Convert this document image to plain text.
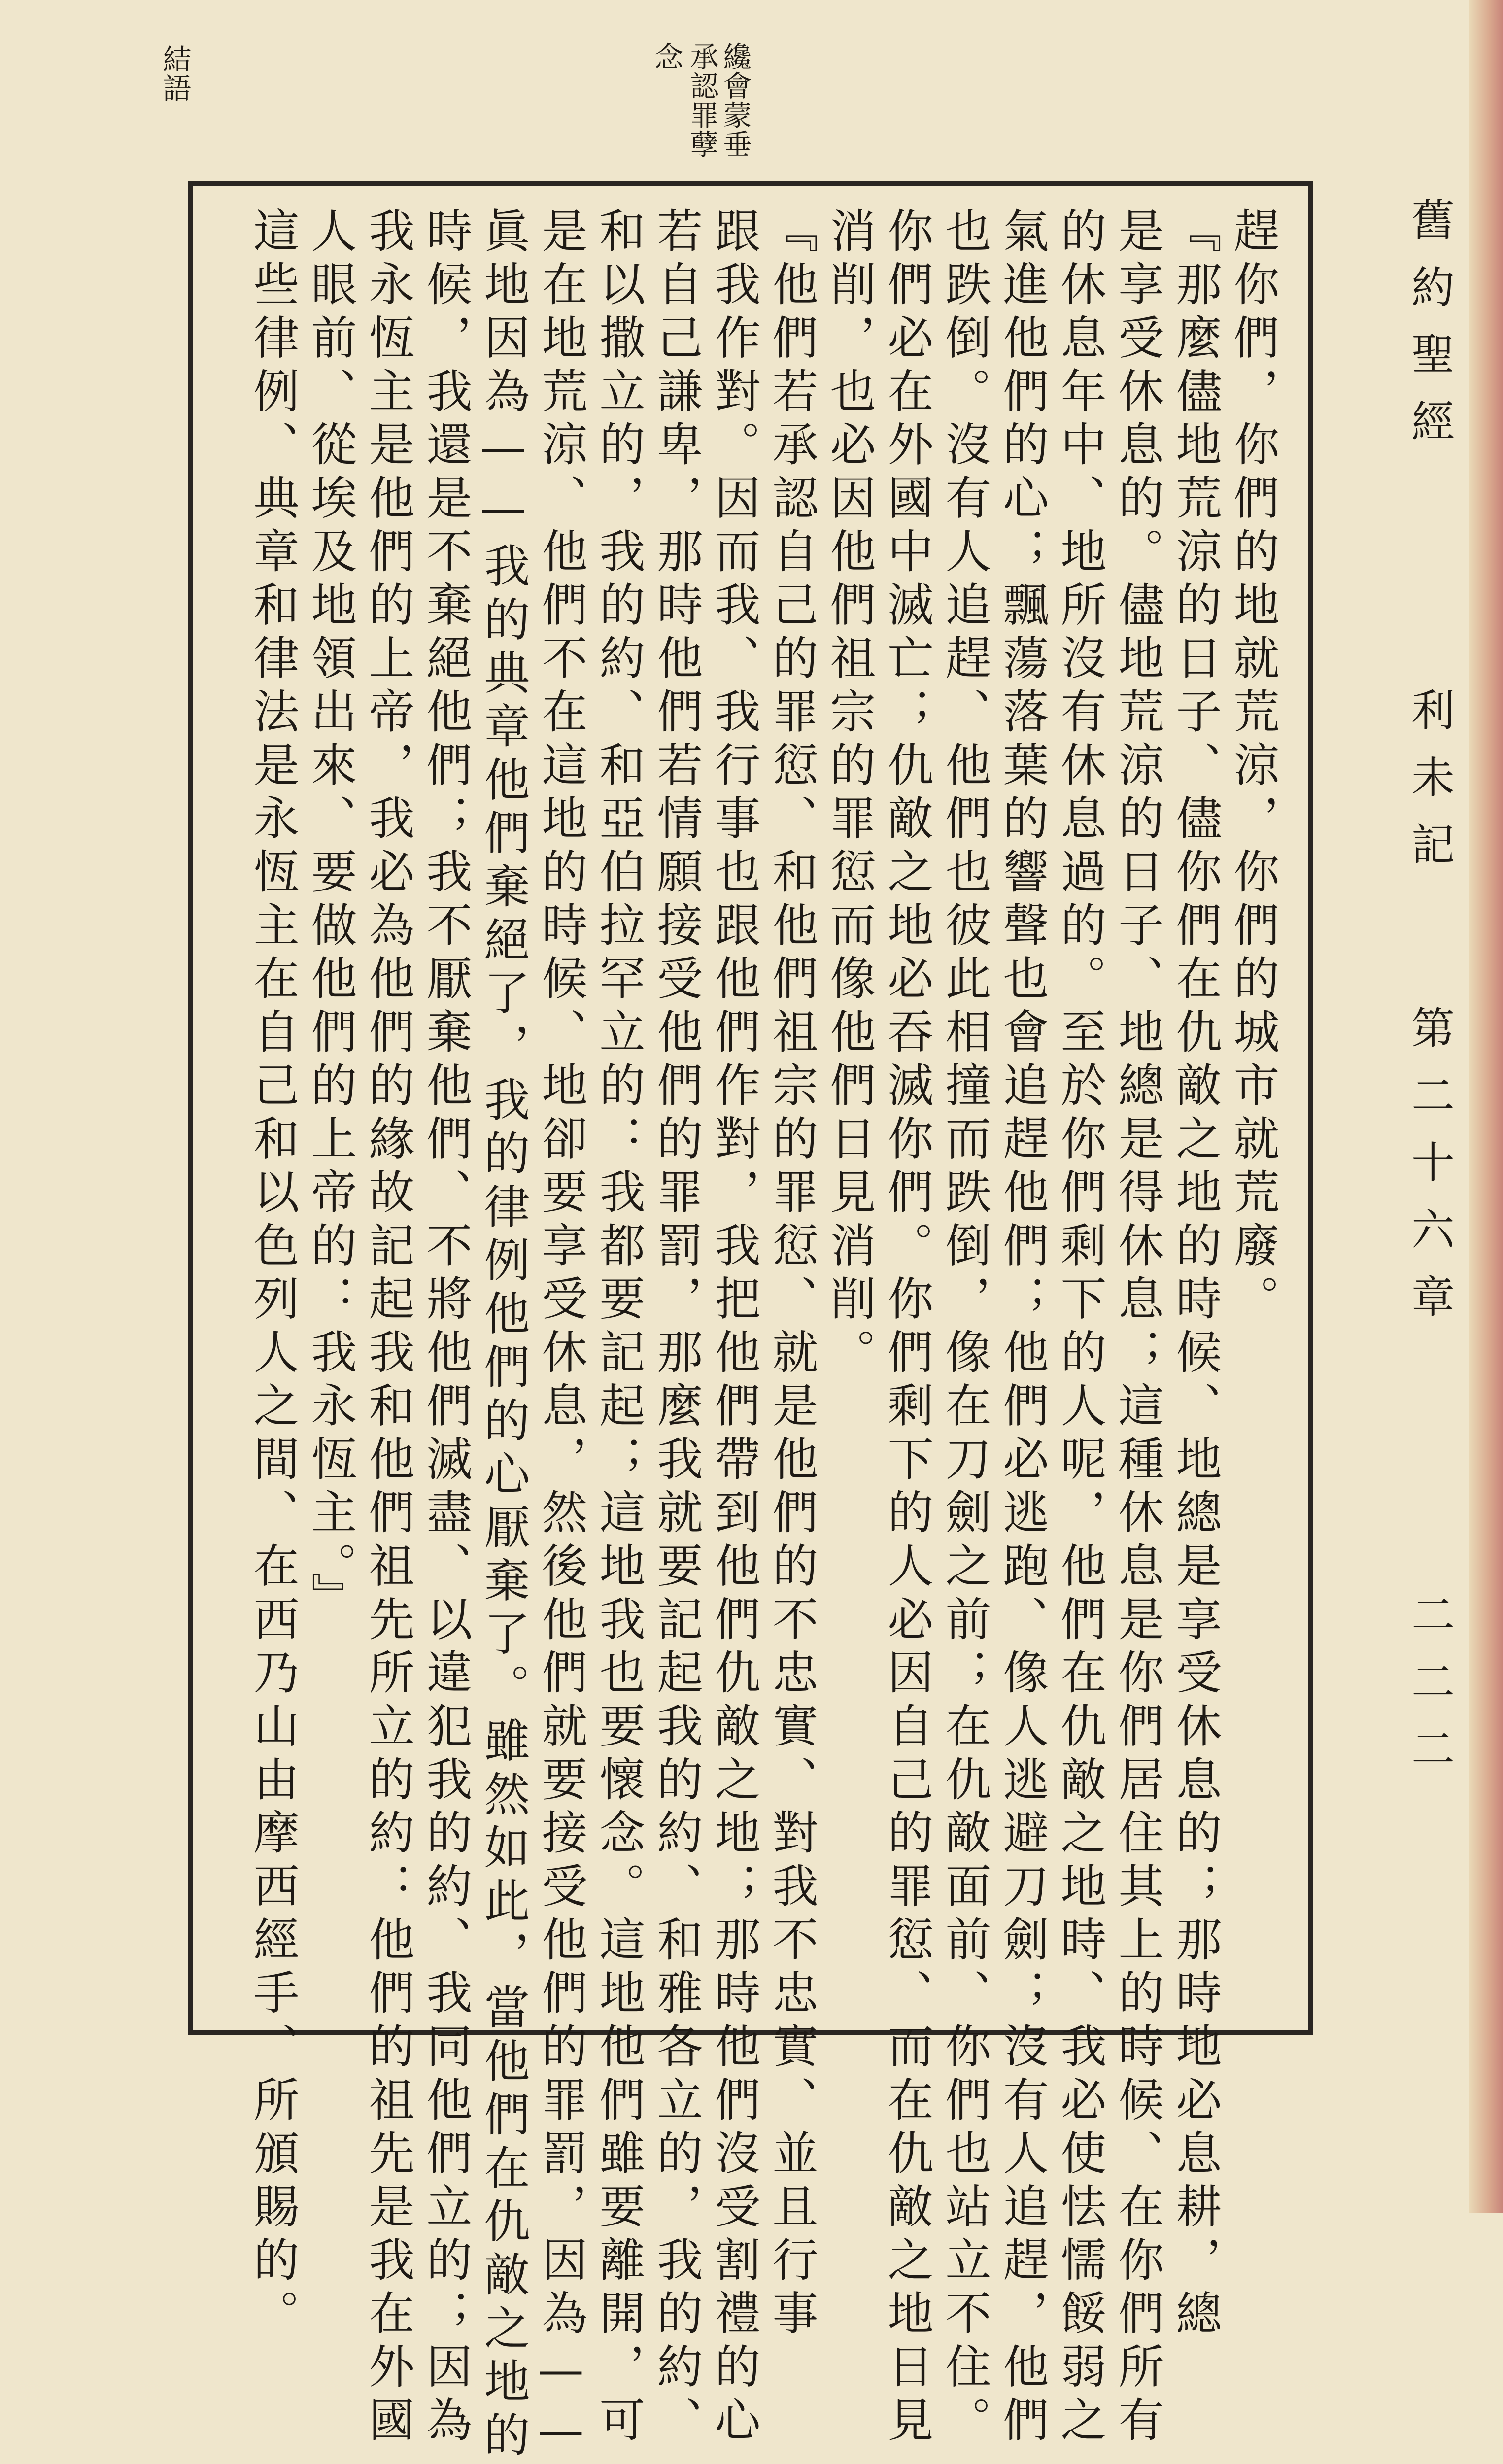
舊約聖經
利未記
第二十六章
二二二
承認罪孽 纔會蒙垂
念
結語
趕你們，你們的地就荒涼，你們的城市就荒廢。
『那麼儘地荒涼的日子、儘你們在仇敵之地的時候、地總是享受休息的；那時地必息耕，總
是享受休息的。儘地荒涼的日子、地總是得休息；這種休息是你們居住其上的時候、在你們所有
的休息年中、地所沒有休息過的。至於你們剩下的人呢，他們在仇敵之地時、我必使怯懦餒弱之
氣進他們的心；飄蕩落葉的響聲也會追趕他們；他們必逃跑、像人逃避刀劍；沒有人追趕，他們
也跌倒。沒有人追趕、他們也彼此相撞而跌倒，像在刀劍之前；在仇敵面前、你們也站立不住。
你們必在外國中滅亡；仇敵之地必吞滅你們。你們剩下的人必因自己的罪愆、而在仇敵之地日見
消削，也必因他們祖宗的罪愆而像他們日見消削。
『他們若承認自己的罪愆、和他們祖宗的罪愆、就是他們的不忠實、對我不忠實、並且行事
跟我作對。因而我、我行事也跟他們作對，我把他們帶到他們仇敵之地；那時他們沒受割禮的心
若自己謙卑，那時他們若情願接受他們的罪罰，那麼我就要記起我的約、和雅各立的，我的約、
和以撒立的，我的約、和亞伯拉罕立的：我都要記起；這地我也要懷念。這地他們雖要離開，可
是在地荒涼、他們不在這地的時候、地卻要享受休息，然後他們就要接受他們的罪罰，因為——
眞地因為——我的典章他們棄絕了，我的律例他們的心厭棄了。雖然如此，當他們在仇敵之地的
時候，我還是不棄絕他們；我不厭棄他們、不將他們滅盡、以違犯我的約、我同他們立的；因為
我永恆主是他們的上帝，我必為他們的緣故記起我和他們祖先所立的約：他們的祖先是我在外國
人眼前、從埃及地領出來、要做他們的上帝的：我永恆主。』
這些律例、典章和律法是永恆主在自己和以色列人之間、在西乃山由摩西經手、所頒賜的。
